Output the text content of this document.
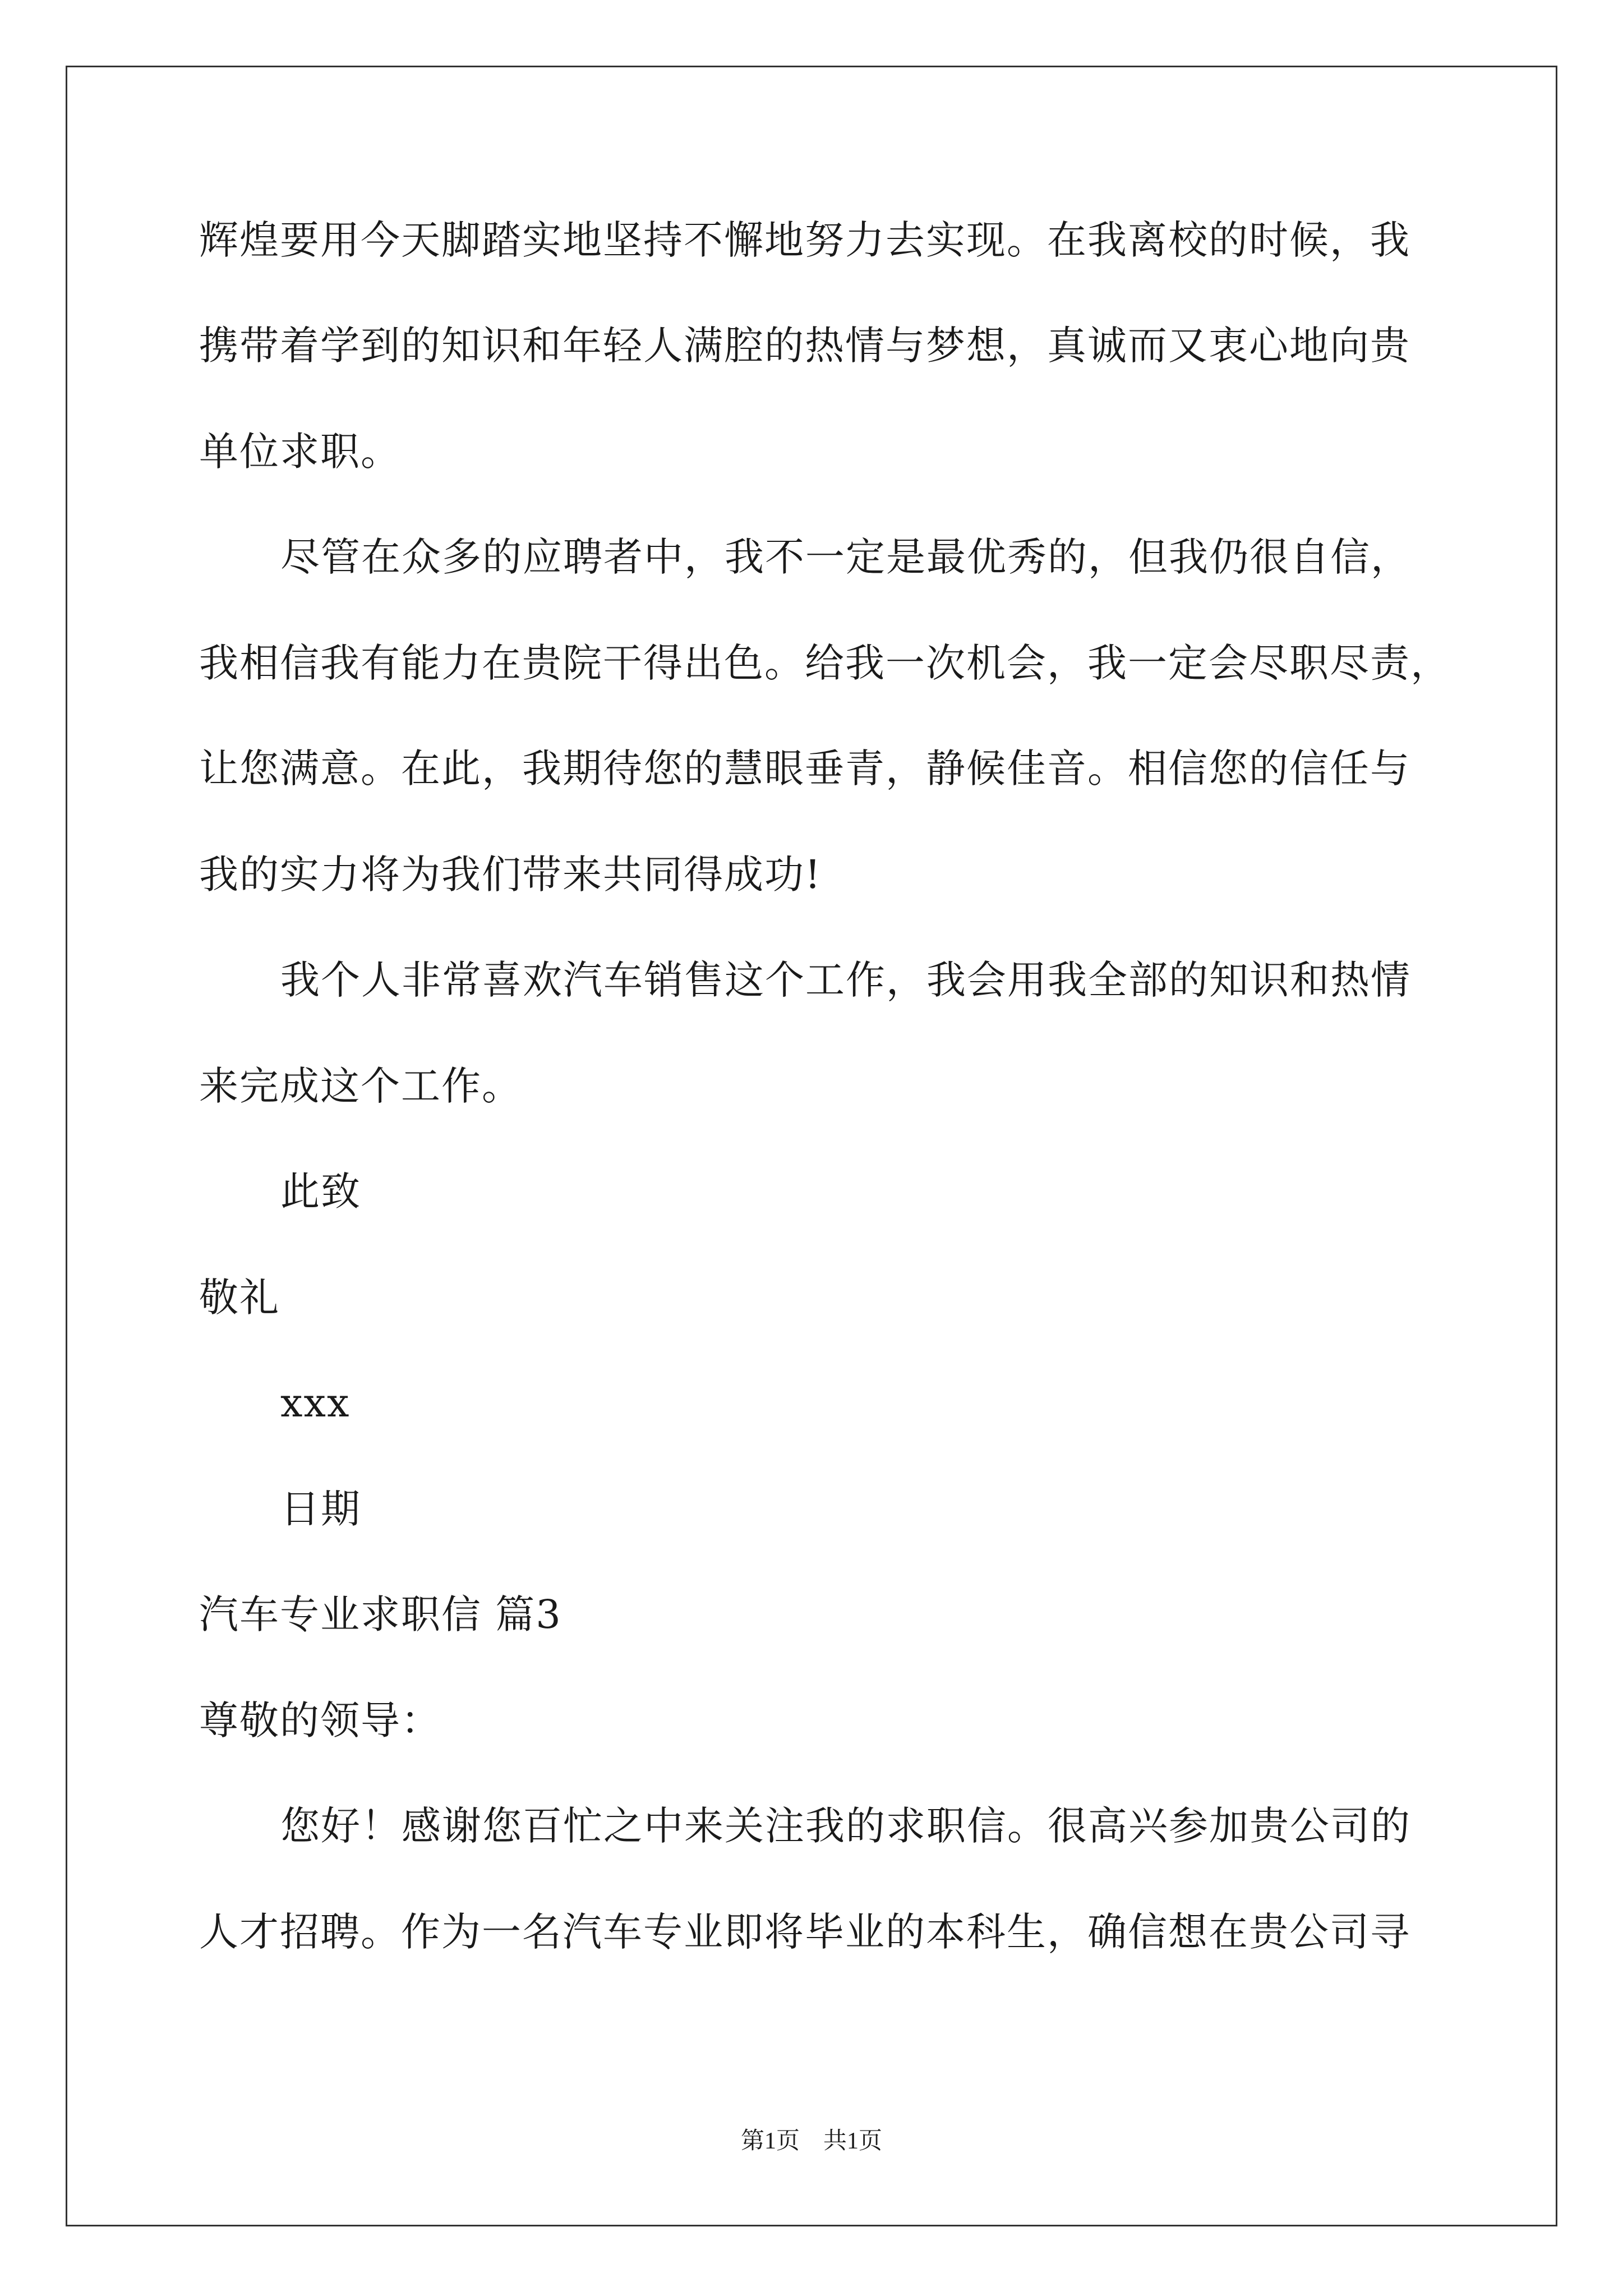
辉煌要用今天脚踏实地坚持不懈地努力去实现。在我离校的时候，我
携带着学到的知识和年轻人满腔的热情与梦想，真诚而又衷心地向贵
单位求职。
尽管在众多的应聘者中，我不一定是最优秀的，但我仍很自信，
我相信我有能力在贵院干得出色。给我一次机会，我一定会尽职尽责，
让您满意。在此，我期待您的慧眼垂青，静候佳音。相信您的信任与
我的实力将为我们带来共同得成功!
我个人非常喜欢汽车销售这个工作，我会用我全部的知识和热情
来完成这个工作。
此致
敬礼
xxx
日期
汽车专业求职信 篇3
尊敬的领导：
您好！感谢您百忙之中来关注我的求职信。很高兴参加贵公司的
人才招聘。作为一名汽车专业即将毕业的本科生，确信想在贵公司寻
第1页　共1页
